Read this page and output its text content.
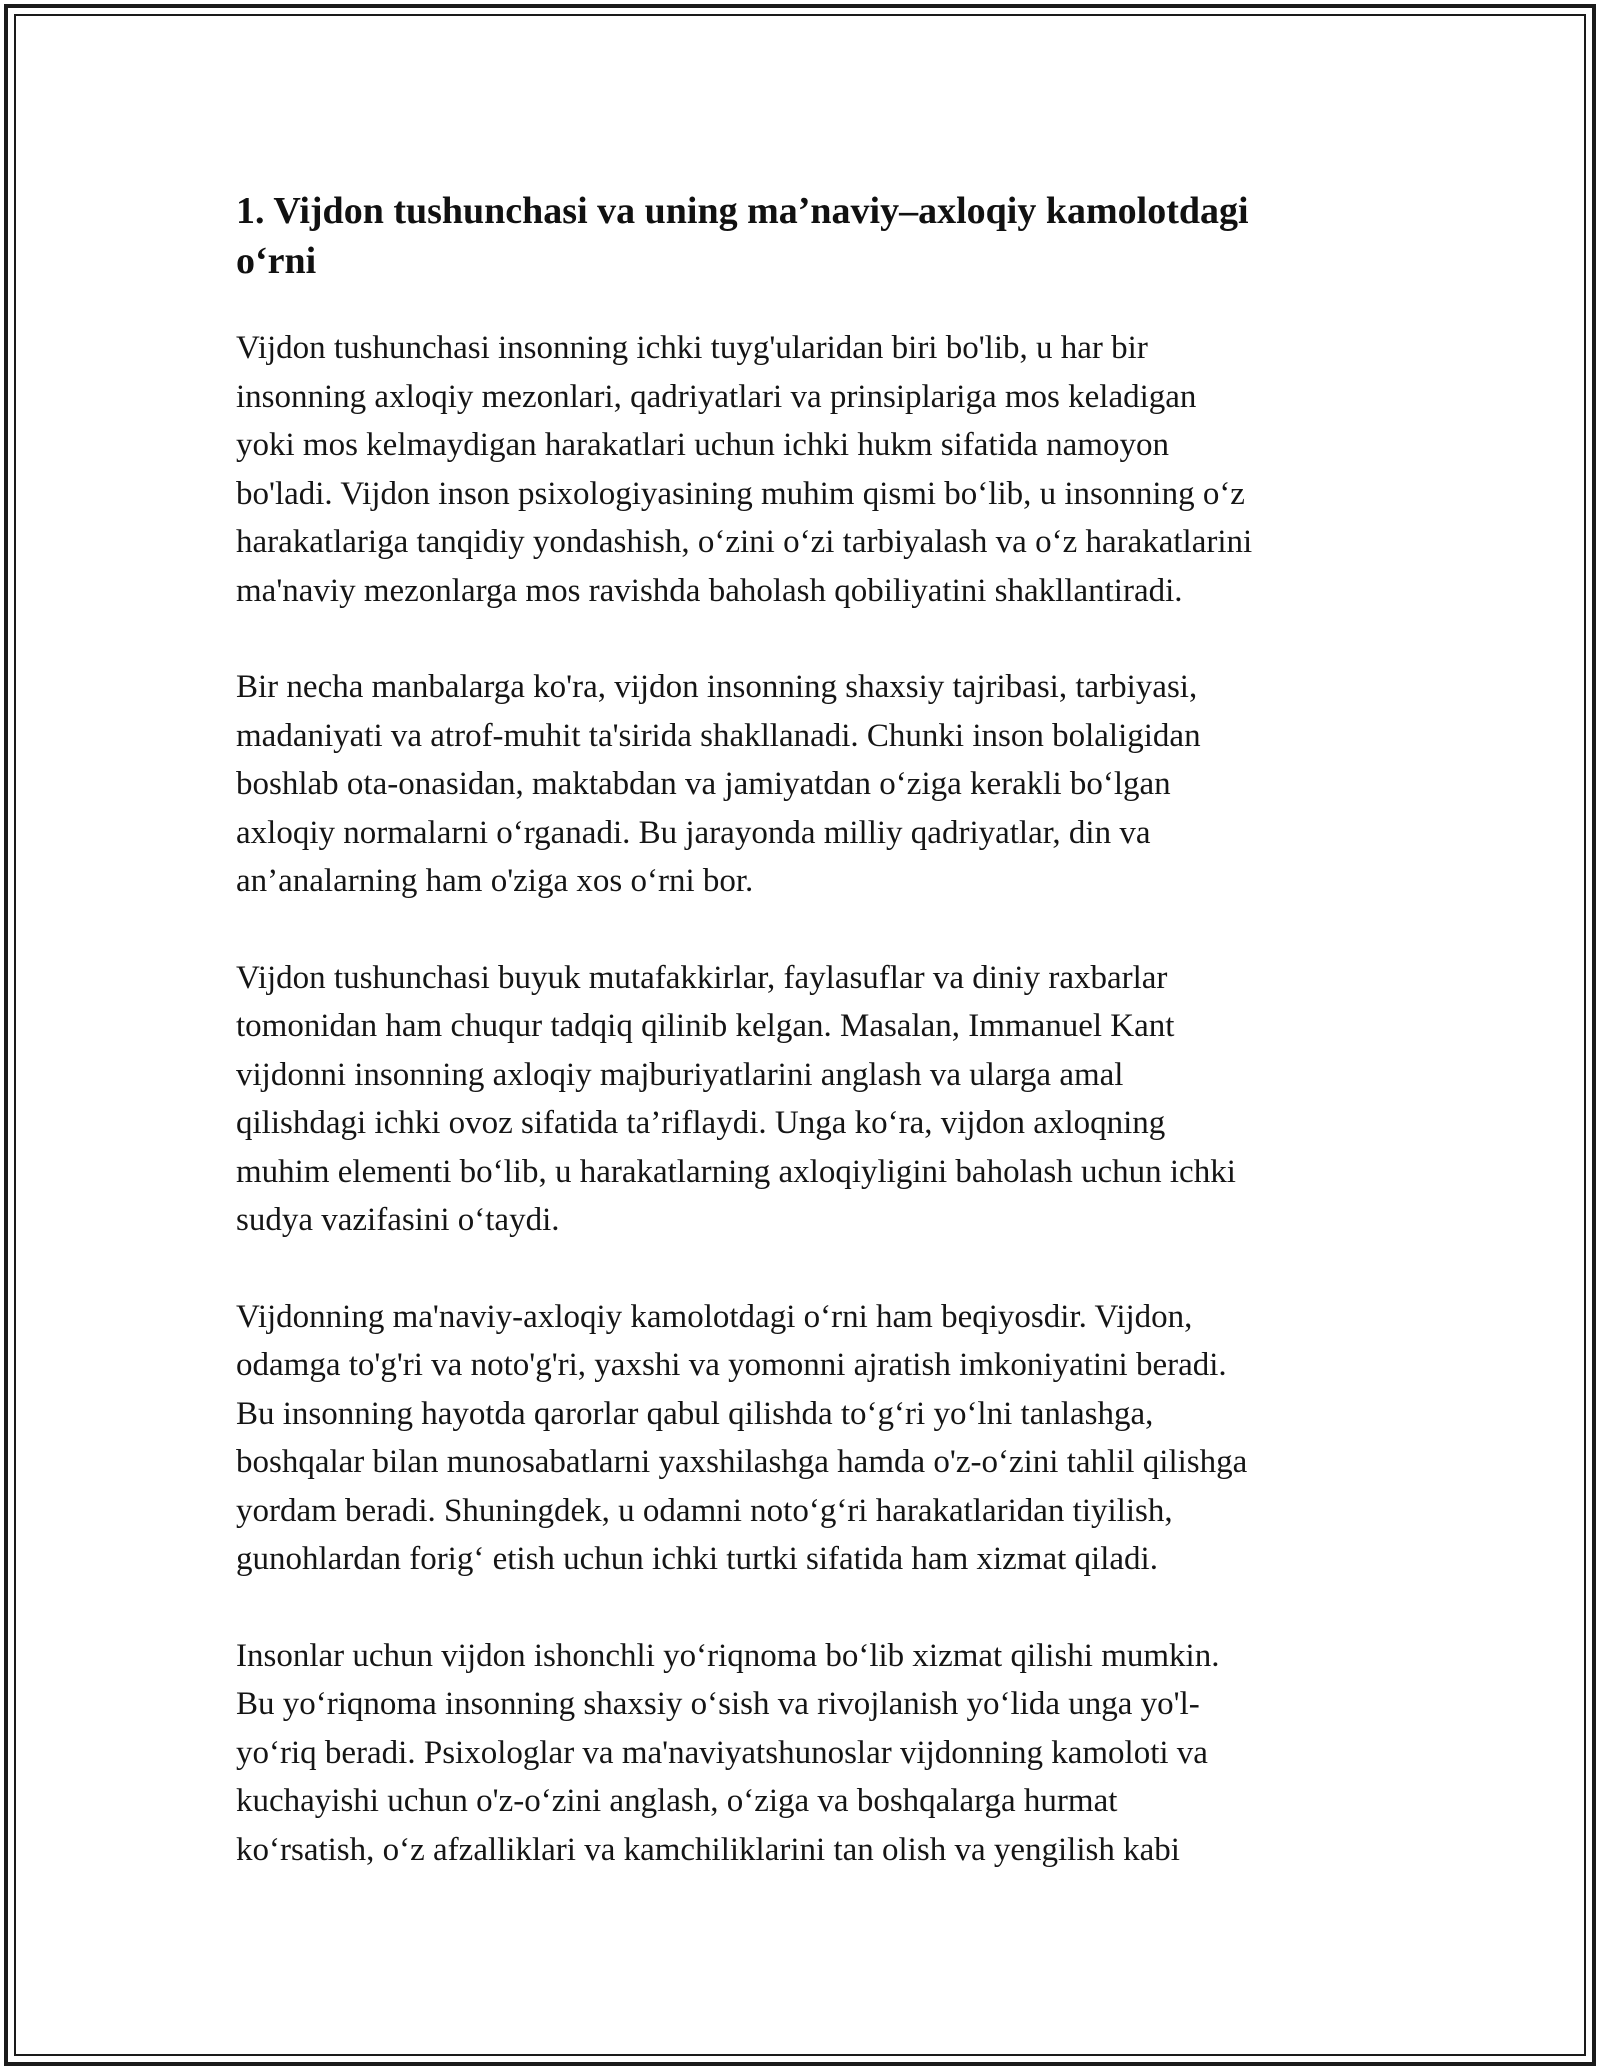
1. Vijdon tushunchasi va uning ma’naviy–axloqiy kamolotdagi
o‘rni

Vijdon tushunchasi insonning ichki tuyg'ularidan biri bo'lib, u har bir
insonning axloqiy mezonlari, qadriyatlari va prinsiplariga mos keladigan
yoki mos kelmaydigan harakatlari uchun ichki hukm sifatida namoyon
bo'ladi. Vijdon inson psixologiyasining muhim qismi bo‘lib, u insonning o‘z
harakatlariga tanqidiy yondashish, o‘zini o‘zi tarbiyalash va o‘z harakatlarini
ma'naviy mezonlarga mos ravishda baholash qobiliyatini shakllantiradi.

Bir necha manbalarga ko'ra, vijdon insonning shaxsiy tajribasi, tarbiyasi,
madaniyati va atrof-muhit ta'sirida shakllanadi. Chunki inson bolaligidan
boshlab ota-onasidan, maktabdan va jamiyatdan o‘ziga kerakli bo‘lgan
axloqiy normalarni o‘rganadi. Bu jarayonda milliy qadriyatlar, din va
an’analarning ham o'ziga xos o‘rni bor.

Vijdon tushunchasi buyuk mutafakkirlar, faylasuflar va diniy raxbarlar
tomonidan ham chuqur tadqiq qilinib kelgan. Masalan, Immanuel Kant
vijdonni insonning axloqiy majburiyatlarini anglash va ularga amal
qilishdagi ichki ovoz sifatida ta’riflaydi. Unga ko‘ra, vijdon axloqning
muhim elementi bo‘lib, u harakatlarning axloqiyligini baholash uchun ichki
sudya vazifasini o‘taydi.

Vijdonning ma'naviy-axloqiy kamolotdagi o‘rni ham beqiyosdir. Vijdon,
odamga to'g'ri va noto'g'ri, yaxshi va yomonni ajratish imkoniyatini beradi.
Bu insonning hayotda qarorlar qabul qilishda to‘g‘ri yo‘lni tanlashga,
boshqalar bilan munosabatlarni yaxshilashga hamda o'z-o‘zini tahlil qilishga
yordam beradi. Shuningdek, u odamni noto‘g‘ri harakatlaridan tiyilish,
gunohlardan forig‘ etish uchun ichki turtki sifatida ham xizmat qiladi.

Insonlar uchun vijdon ishonchli yo‘riqnoma bo‘lib xizmat qilishi mumkin.
Bu yo‘riqnoma insonning shaxsiy o‘sish va rivojlanish yo‘lida unga yo'l-
yo‘riq beradi. Psixologlar va ma'naviyatshunoslar vijdonning kamoloti va
kuchayishi uchun o'z-o‘zini anglash, o‘ziga va boshqalarga hurmat
ko‘rsatish, o‘z afzalliklari va kamchiliklarini tan olish va yengilish kabi
